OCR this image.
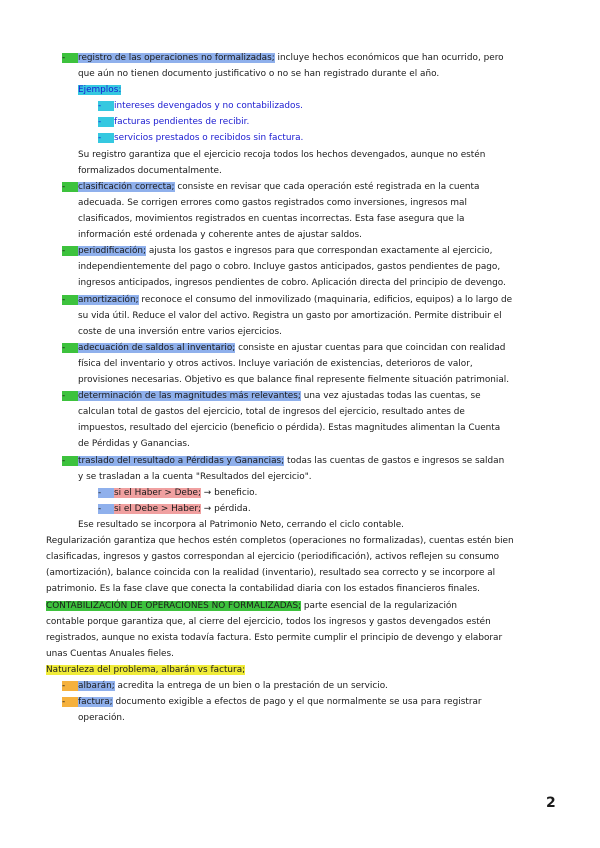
- registro de las operaciones no formalizadas; incluye hechos económicos que han ocurrido, pero
que aún no tienen documento justificativo o no se han registrado durante el año.
Ejemplos:
- intereses devengados y no contabilizados.
- facturas pendientes de recibir.
- servicios prestados o recibidos sin factura.
Su registro garantiza que el ejercicio recoja todos los hechos devengados, aunque no estén
formalizados documentalmente.
- clasificación correcta; consiste en revisar que cada operación esté registrada en la cuenta
adecuada. Se corrigen errores como gastos registrados como inversiones, ingresos mal
clasificados, movimientos registrados en cuentas incorrectas. Esta fase asegura que la
información esté ordenada y coherente antes de ajustar saldos.
- periodificación; ajusta los gastos e ingresos para que correspondan exactamente al ejercicio,
independientemente del pago o cobro. Incluye gastos anticipados, gastos pendientes de pago,
ingresos anticipados, ingresos pendientes de cobro. Aplicación directa del principio de devengo.
- amortización; reconoce el consumo del inmovilizado (maquinaria, edificios, equipos) a lo largo de
su vida útil. Reduce el valor del activo. Registra un gasto por amortización. Permite distribuir el
coste de una inversión entre varios ejercicios.
- adecuación de saldos al inventario; consiste en ajustar cuentas para que coincidan con realidad
física del inventario y otros activos. Incluye variación de existencias, deterioros de valor,
provisiones necesarias. Objetivo es que balance final represente fielmente situación patrimonial.
- determinación de las magnitudes más relevantes; una vez ajustadas todas las cuentas, se
calculan total de gastos del ejercicio, total de ingresos del ejercicio, resultado antes de
impuestos, resultado del ejercicio (beneficio o pérdida). Estas magnitudes alimentan la Cuenta
de Pérdidas y Ganancias.
- traslado del resultado a Pérdidas y Ganancias; todas las cuentas de gastos e ingresos se saldan
y se trasladan a la cuenta "Resultados del ejercicio".
- si el Haber > Debe; → beneficio.
- si el Debe > Haber; → pérdida.
Ese resultado se incorpora al Patrimonio Neto, cerrando el ciclo contable.
Regularización garantiza que hechos estén completos (operaciones no formalizadas), cuentas estén bien
clasificadas, ingresos y gastos correspondan al ejercicio (periodificación), activos reflejen su consumo
(amortización), balance coincida con la realidad (inventario), resultado sea correcto y se incorpore al
patrimonio. Es la fase clave que conecta la contabilidad diaria con los estados financieros finales.
CONTABILIZACIÓN DE OPERACIONES NO FORMALIZADAS; parte esencial de la regularización
contable porque garantiza que, al cierre del ejercicio, todos los ingresos y gastos devengados estén
registrados, aunque no exista todavía factura. Esto permite cumplir el principio de devengo y elaborar
unas Cuentas Anuales fieles.
Naturaleza del problema, albarán vs factura;
- albarán; acredita la entrega de un bien o la prestación de un servicio.
- factura; documento exigible a efectos de pago y el que normalmente se usa para registrar
operación.
2
